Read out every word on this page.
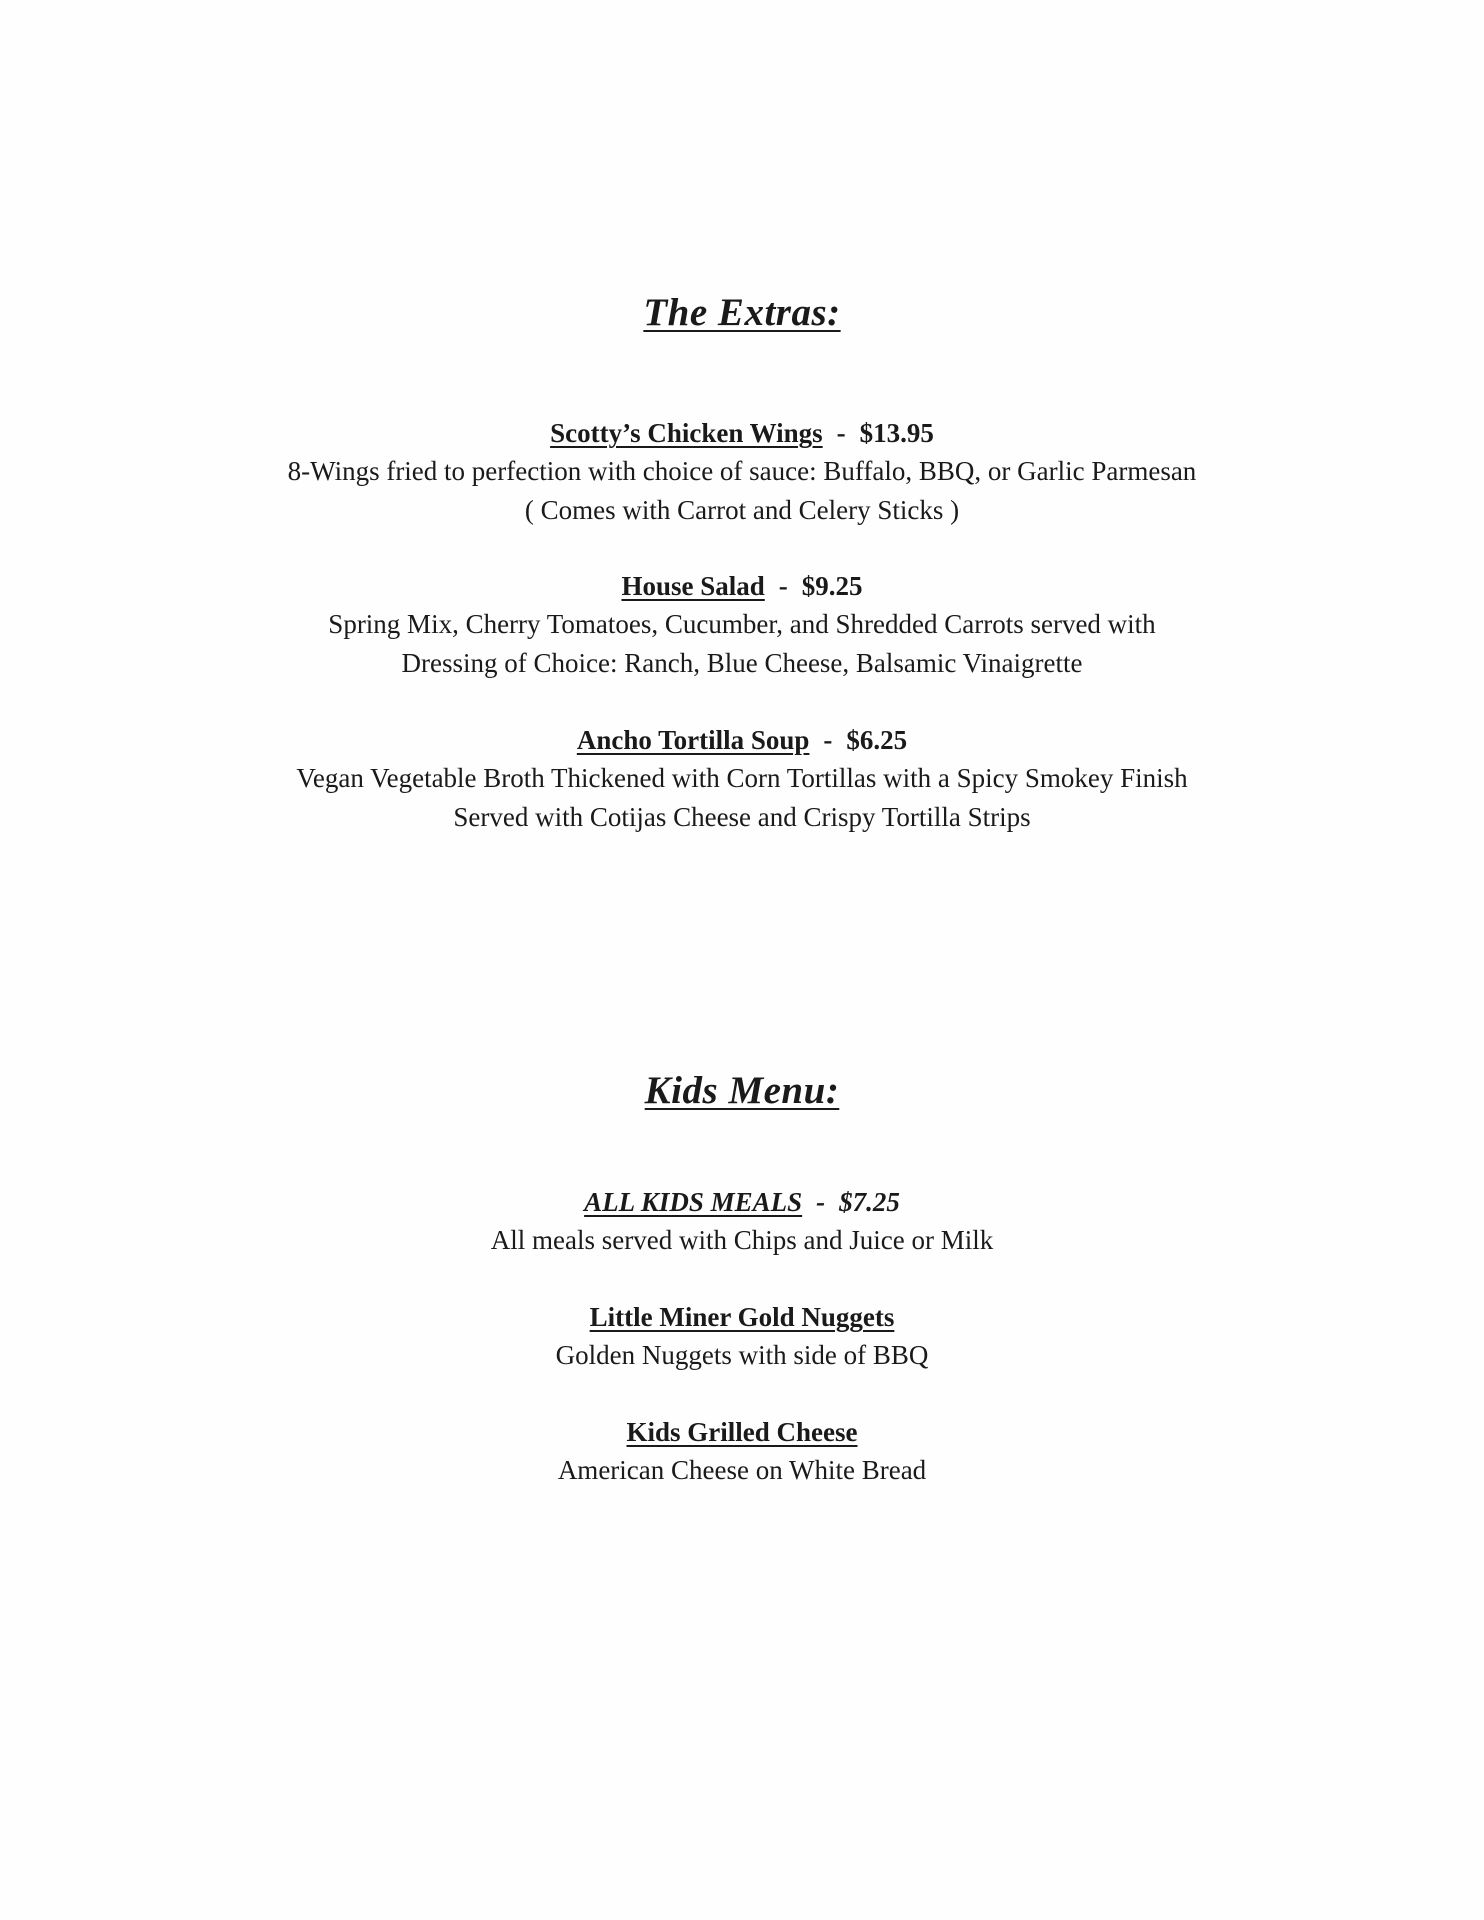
The Extras:
Scotty’s Chicken Wings - $13.95
8-Wings fried to perfection with choice of sauce: Buffalo, BBQ, or Garlic Parmesan
( Comes with Carrot and Celery Sticks )
House Salad - $9.25
Spring Mix, Cherry Tomatoes, Cucumber, and Shredded Carrots served with
Dressing of Choice: Ranch, Blue Cheese, Balsamic Vinaigrette
Ancho Tortilla Soup - $6.25
Vegan Vegetable Broth Thickened with Corn Tortillas with a Spicy Smokey Finish
Served with Cotijas Cheese and Crispy Tortilla Strips
Kids Menu:
ALL KIDS MEALS - $7.25
All meals served with Chips and Juice or Milk
Little Miner Gold Nuggets
Golden Nuggets with side of BBQ
Kids Grilled Cheese
American Cheese on White Bread
